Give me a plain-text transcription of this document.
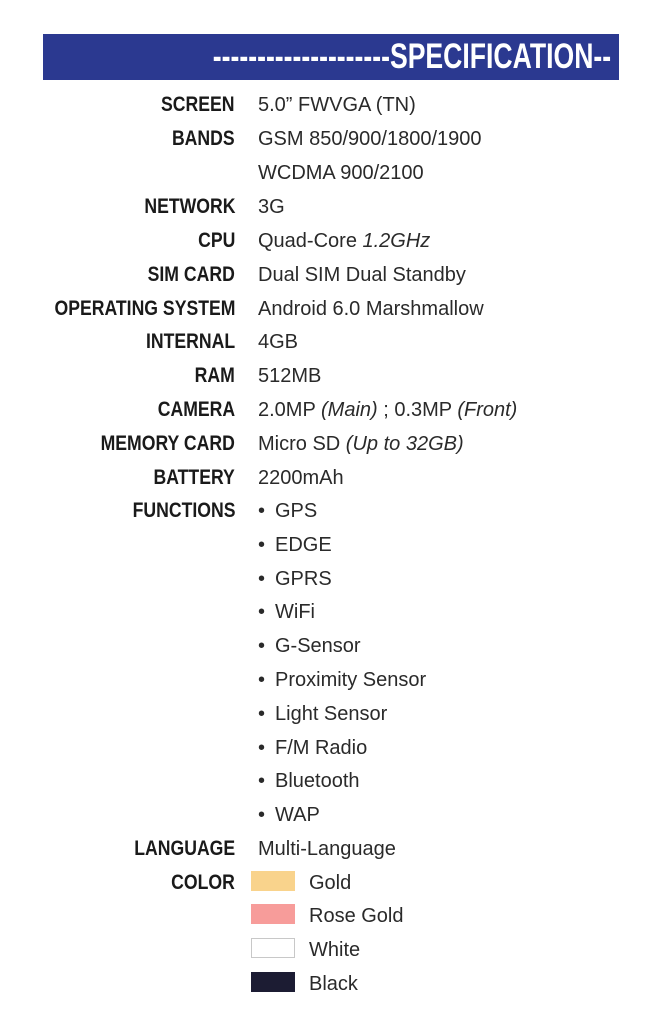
--------------------SPECIFICATION--
SCREEN 5.0” FWVGA (TN)
BANDS GSM 850/900/1800/1900
WCDMA 900/2100
NETWORK 3G
CPU Quad-Core 1.2GHz
SIM CARD Dual SIM Dual Standby
OPERATING SYSTEM Android 6.0 Marshmallow
INTERNAL 4GB
RAM 512MB
CAMERA 2.0MP (Main) ; 0.3MP (Front)
MEMORY CARD Micro SD (Up to 32GB)
BATTERY 2200mAh
FUNCTIONS • GPS
• EDGE
• GPRS
• WiFi
• G-Sensor
• Proximity Sensor
• Light Sensor
• F/M Radio
• Bluetooth
• WAP
LANGUAGE Multi-Language
COLOR	Gold
Rose Gold
White
Black
